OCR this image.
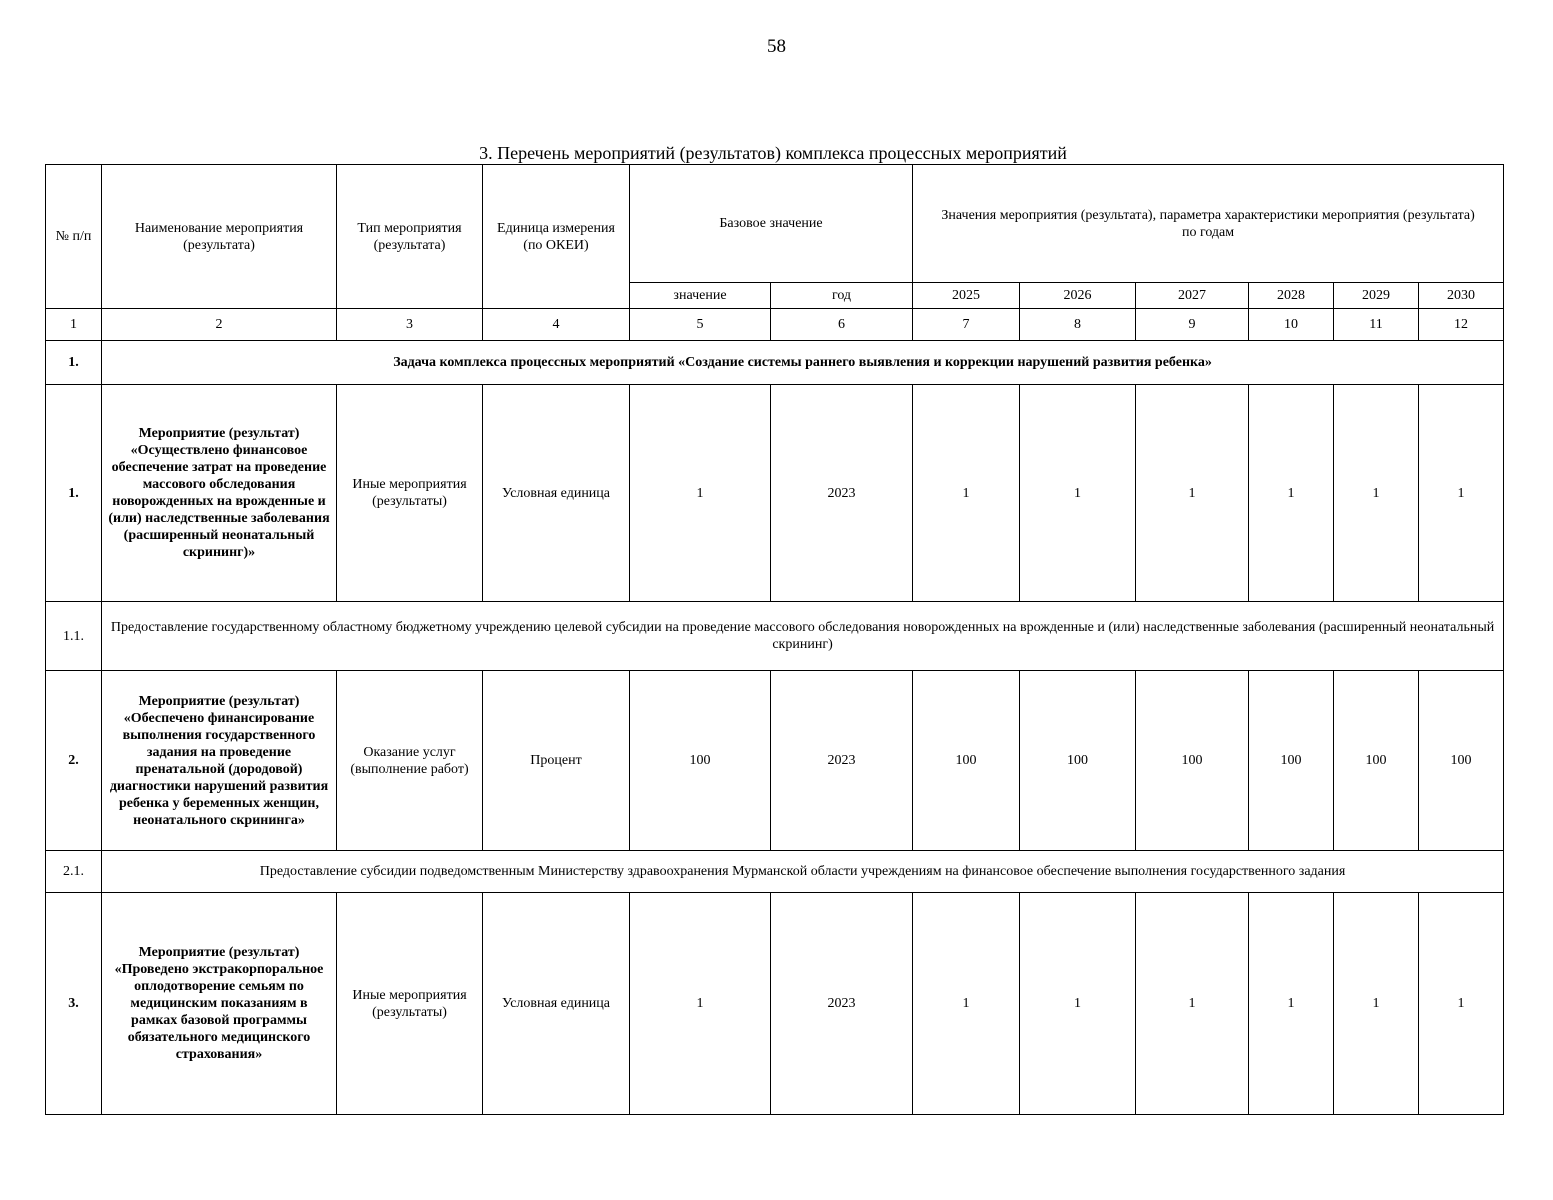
58
3. Перечень мероприятий (результатов) комплекса процессных мероприятий
№ п/п	Наименование мероприятия (результата)	Тип мероприятия (результата)	Единица измерения (по ОКЕИ)	Базовое значение		Значения мероприятия (результата), параметра характеристики мероприятия (результата) по годам					
				значение	год	2025	2026	2027	2028	2029	2030
1	2	3	4	5	6	7	8	9	10	11	12
1.	Задача комплекса процессных мероприятий «Создание системы раннего выявления и коррекции нарушений развития ребенка»										
1.	Мероприятие (результат) «Осуществлено финансовое обеспечение затрат на проведение массового обследования новорожденных на врожденные и (или) наследственные заболевания (расширенный неонатальный скрининг)»	Иные мероприятия (результаты)	Условная единица	1	2023	1	1	1	1	1	1
1.1.	Предоставление государственному областному бюджетному учреждению целевой субсидии на проведение массового обследования новорожденных на врожденные и (или) наследственные заболевания (расширенный неонатальный скрининг)										
2.	Мероприятие (результат) «Обеспечено финансирование выполнения государственного задания на проведение пренатальной (дородовой) диагностики нарушений развития ребенка у беременных женщин, неонатального скрининга»	Оказание услуг (выполнение работ)	Процент	100	2023	100	100	100	100	100	100
2.1.	Предоставление субсидии подведомственным Министерству здравоохранения Мурманской области учреждениям на финансовое обеспечение выполнения государственного задания										
3.	Мероприятие (результат) «Проведено экстракорпоральное оплодотворение семьям по медицинским показаниям в рамках базовой программы обязательного медицинского страхования»	Иные мероприятия (результаты)	Условная единица	1	2023	1	1	1	1	1	1
